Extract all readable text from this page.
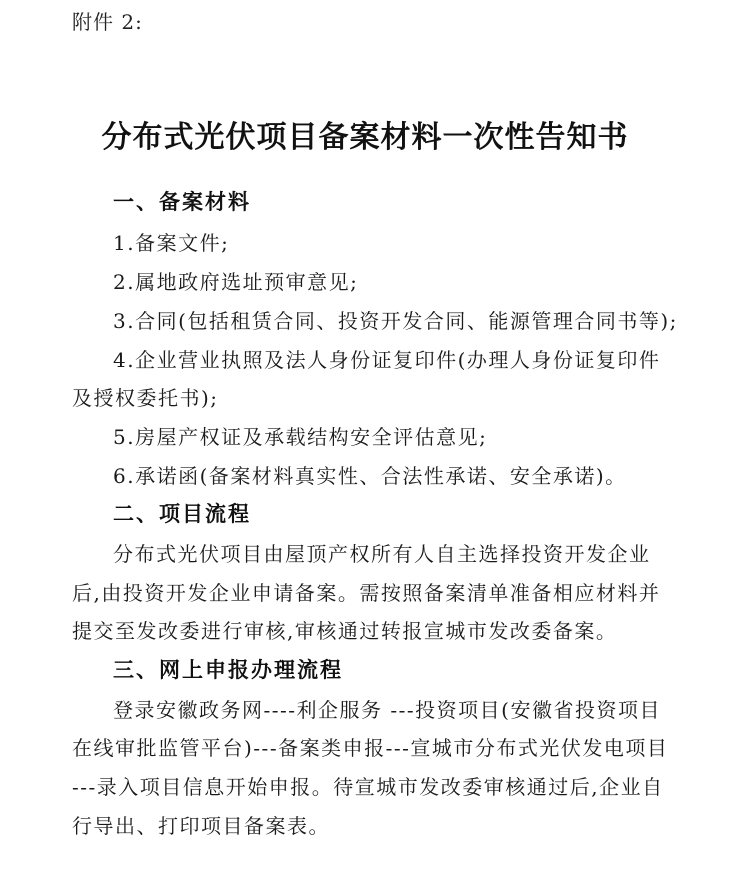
附件 2:
分布式光伏项目备案材料一次性告知书
一、备案材料
1.备案文件;
2.属地政府选址预审意见;
3.合同(包括租赁合同、投资开发合同、能源管理合同书等);
4.企业营业执照及法人身份证复印件(办理人身份证复印件
及授权委托书);
5.房屋产权证及承载结构安全评估意见;
6.承诺函(备案材料真实性、合法性承诺、安全承诺)。
二、项目流程
分布式光伏项目由屋顶产权所有人自主选择投资开发企业
后,由投资开发企业申请备案。需按照备案清单准备相应材料并
提交至发改委进行审核,审核通过转报宣城市发改委备案。
三、网上申报办理流程
登录安徽政务网----利企服务 ---投资项目(安徽省投资项目
在线审批监管平台)---备案类申报---宣城市分布式光伏发电项目
---录入项目信息开始申报。待宣城市发改委审核通过后,企业自
行导出、打印项目备案表。
